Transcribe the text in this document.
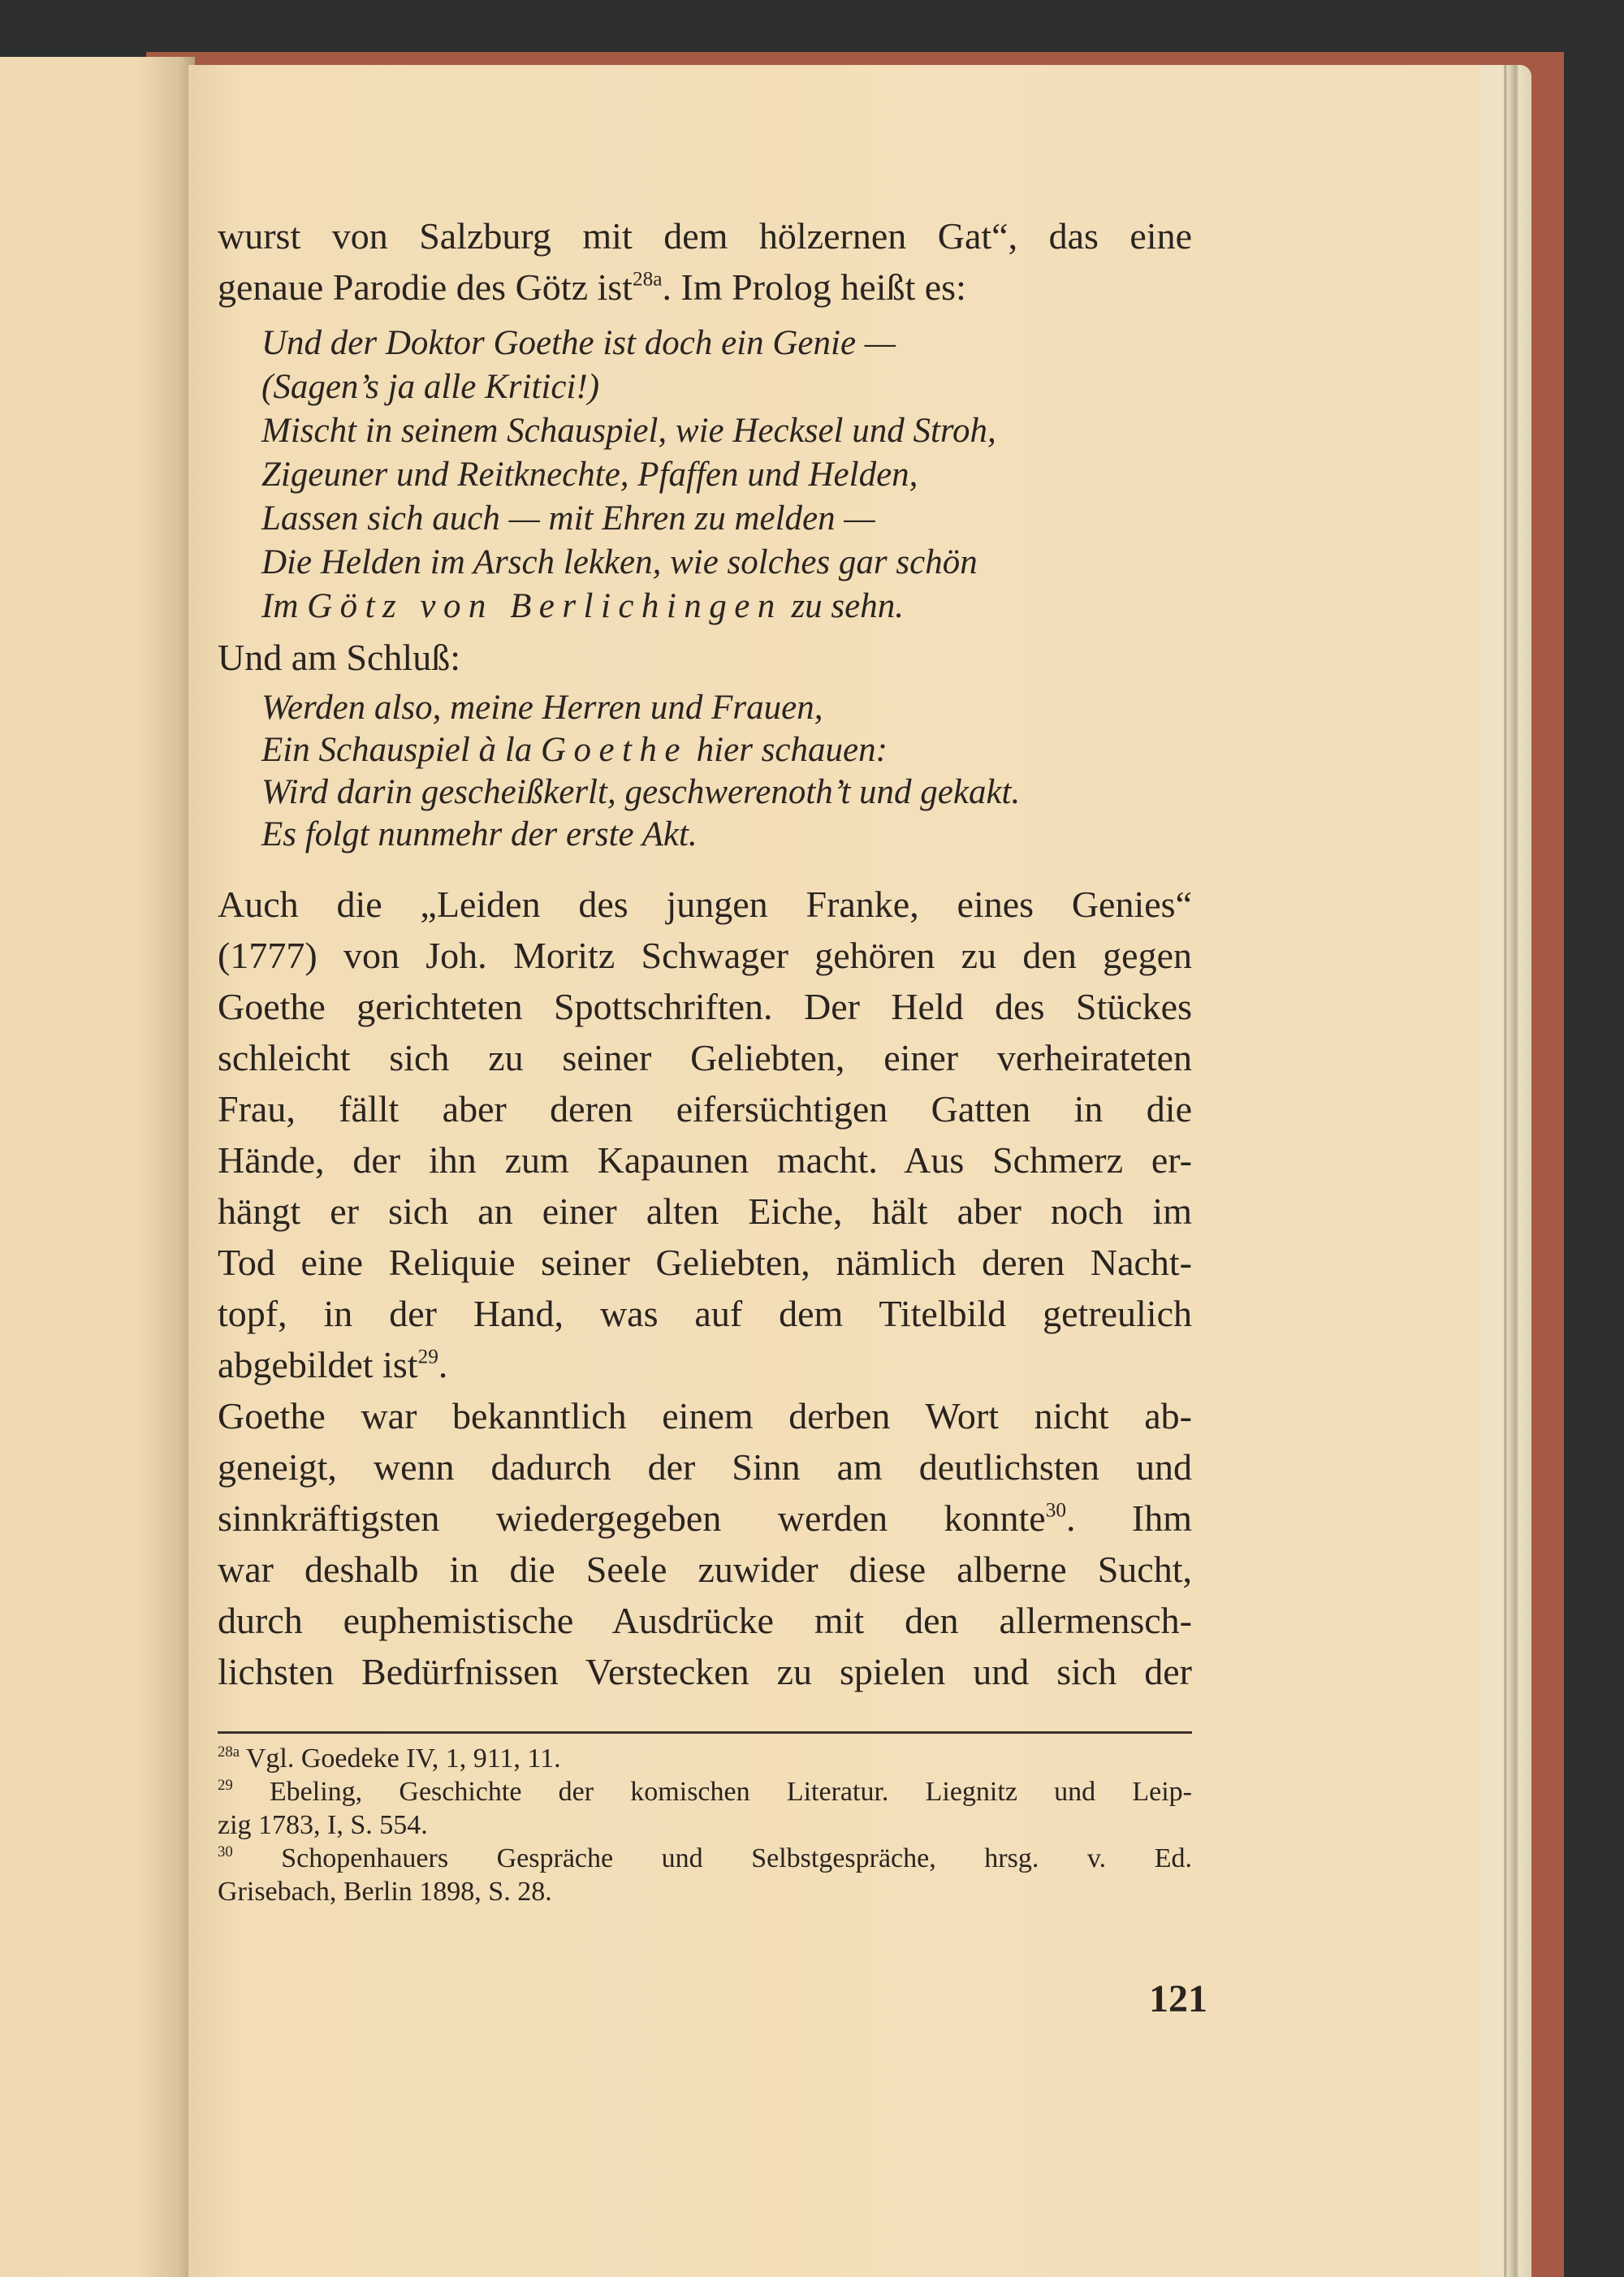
wurst von Salzburg mit dem hölzernen Gat“, das eine
genaue Parodie des Götz ist$^{28a}$. Im Prolog heißt es:
Und der Doktor Goethe ist doch ein Genie —
(Sagen’s ja alle Kritici!)
Mischt in seinem Schauspiel, wie Hecksel und Stroh,
Zigeuner und Reitknechte, Pfaffen und Helden,
Lassen sich auch — mit Ehren zu melden —
Die Helden im Arsch lekken, wie solches gar schön
Im Götz von Berlichingen zu sehn.
Und am Schluß:
Werden also, meine Herren und Frauen,
Ein Schauspiel à la Goethe hier schauen:
Wird darin gescheißkerlt, geschwerenoth’t und gekakt.
Es folgt nunmehr der erste Akt.
Auch die „Leiden des jungen Franke, eines Genies“
(1777) von Joh. Moritz Schwager gehören zu den gegen
Goethe gerichteten Spottschriften. Der Held des Stückes
schleicht sich zu seiner Geliebten, einer verheirateten
Frau, fällt aber deren eifersüchtigen Gatten in die
Hände, der ihn zum Kapaunen macht. Aus Schmerz er-
hängt er sich an einer alten Eiche, hält aber noch im
Tod eine Reliquie seiner Geliebten, nämlich deren Nacht-
topf, in der Hand, was auf dem Titelbild getreulich
abgebildet ist$^{29}$.
Goethe war bekanntlich einem derben Wort nicht ab-
geneigt, wenn dadurch der Sinn am deutlichsten und
sinnkräftigsten wiedergegeben werden konnte$^{30}$. Ihm
war deshalb in die Seele zuwider diese alberne Sucht,
durch euphemistische Ausdrücke mit den allermensch-
lichsten Bedürfnissen Verstecken zu spielen und sich der
$^{28a}$ Vgl. Goedeke IV, 1, 911, 11.
$^{29}$ Ebeling, Geschichte der komischen Literatur. Liegnitz und Leip-
zig 1783, I, S. 554.
$^{30}$ Schopenhauers Gespräche und Selbstgespräche, hrsg. v. Ed.
Grisebach, Berlin 1898, S. 28.
121
